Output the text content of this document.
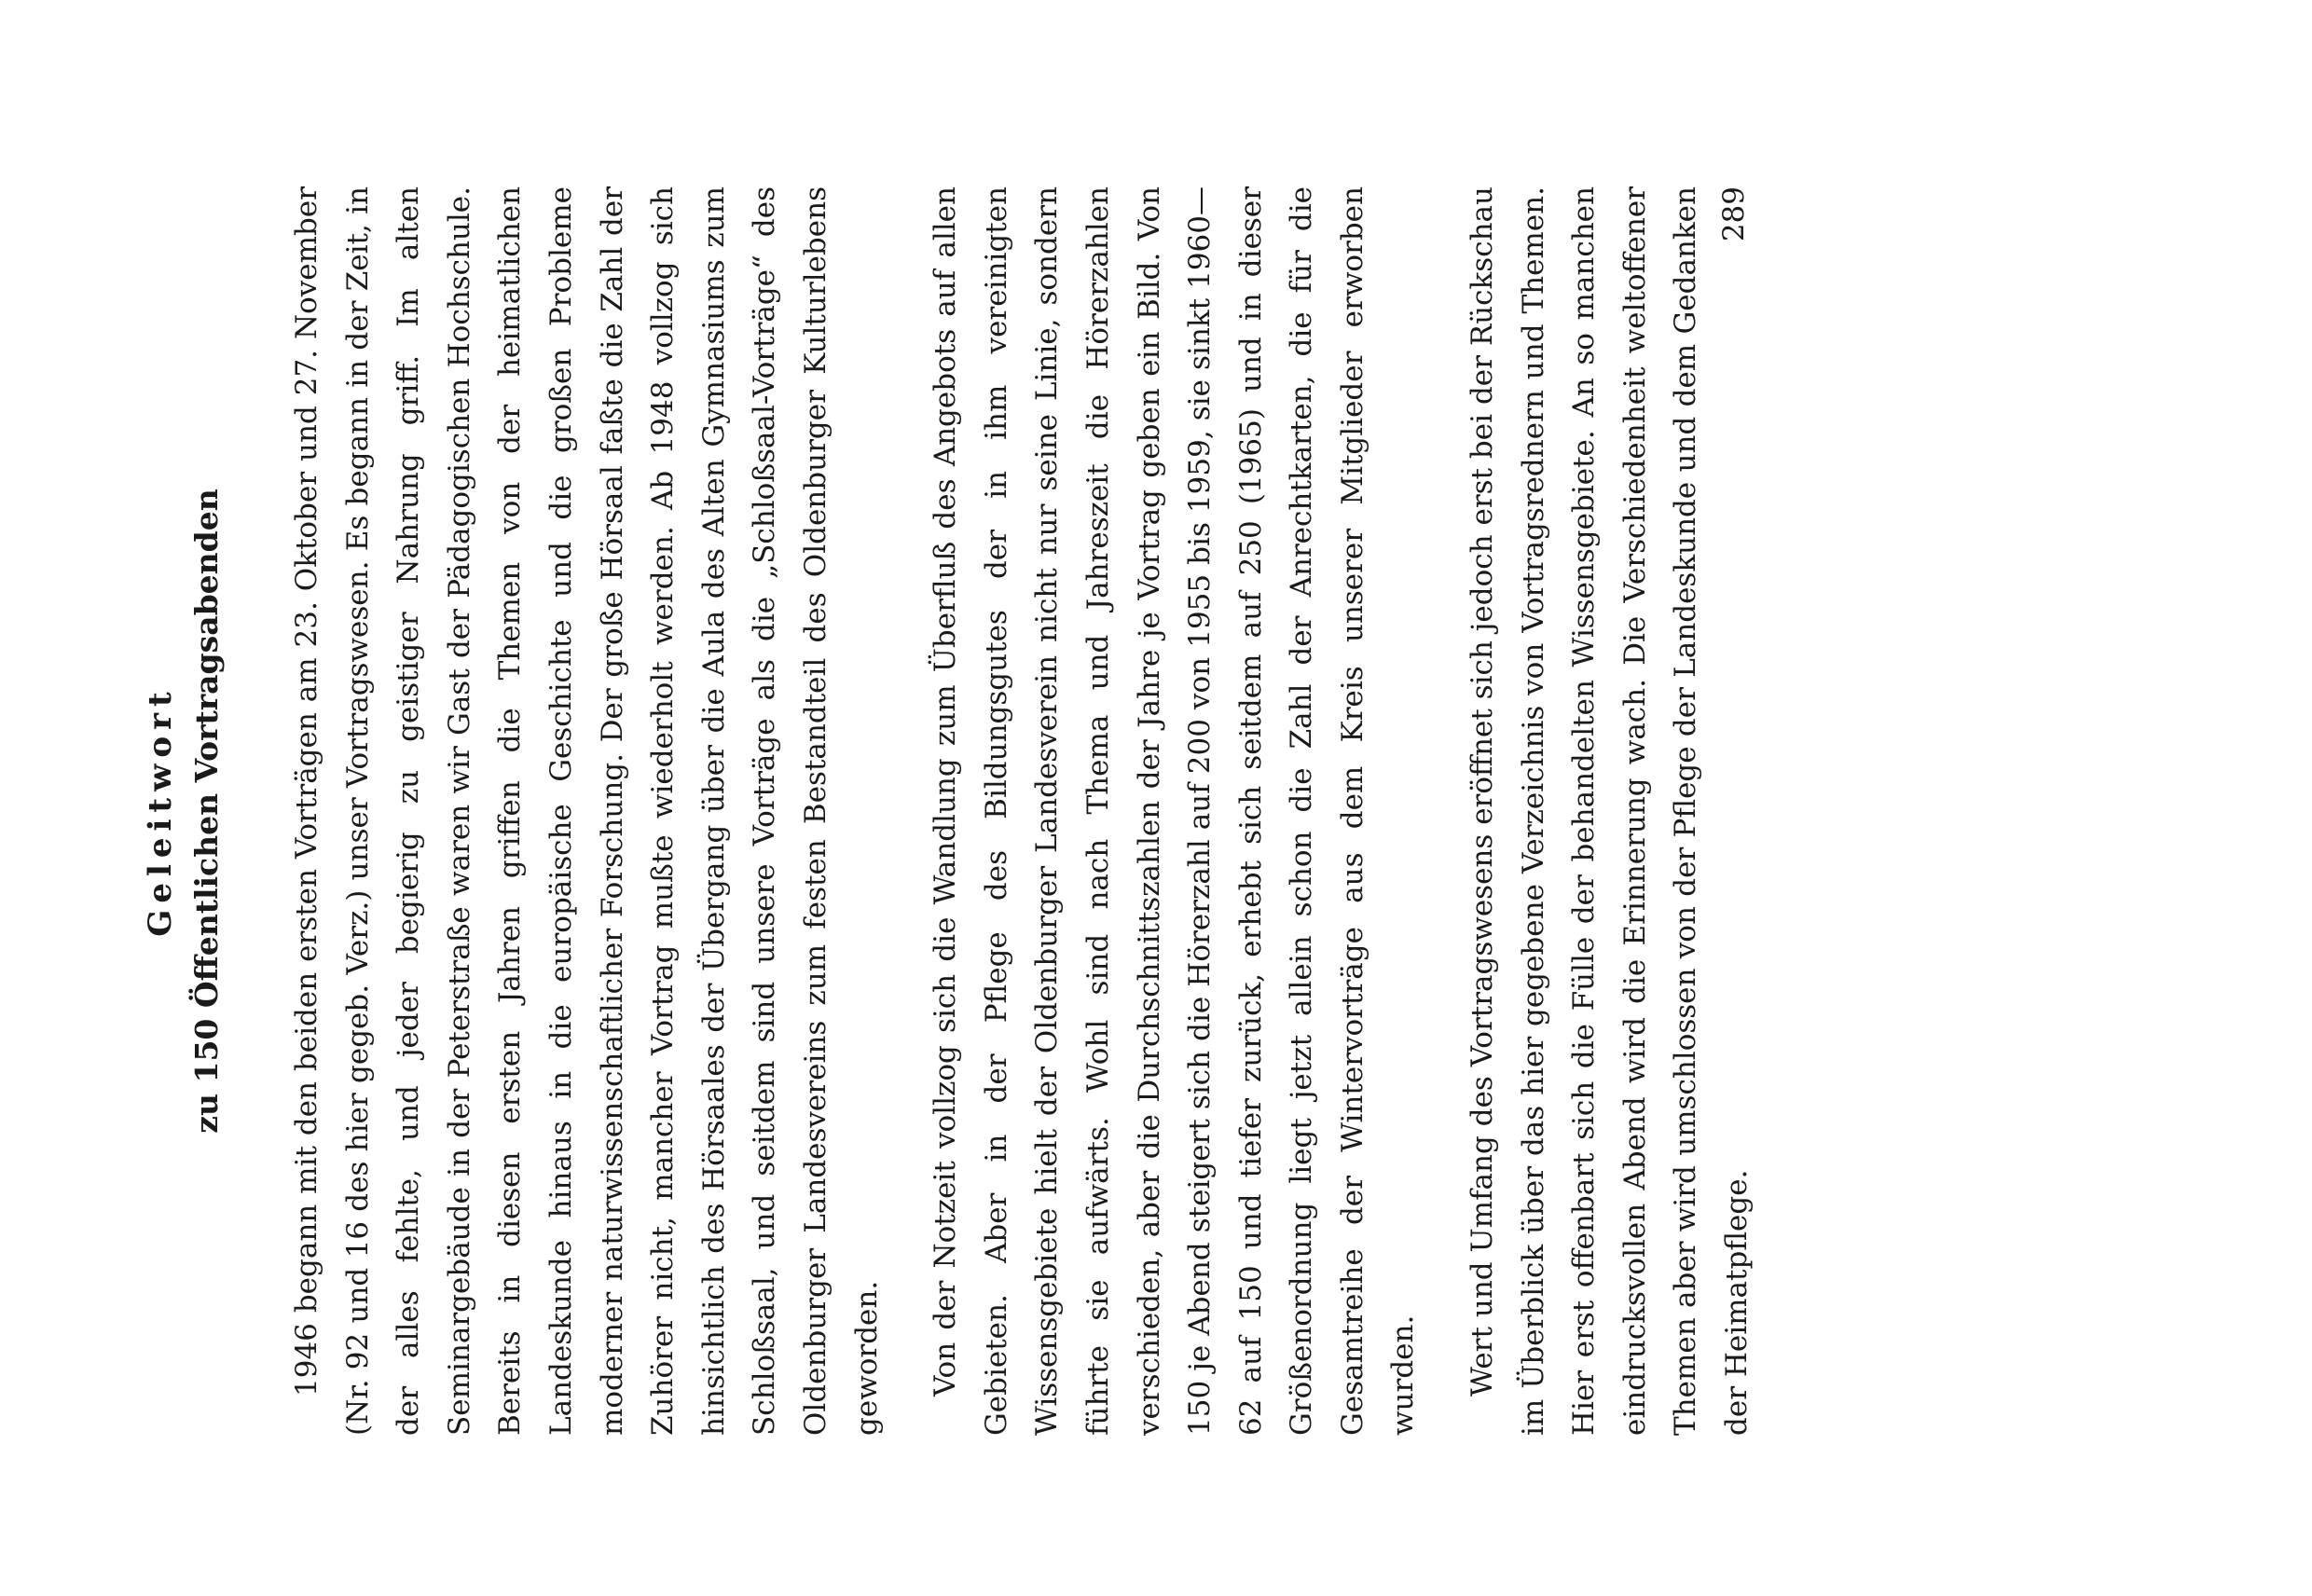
Geleitwort zu 150 Öffentlichen Vortragsabenden 1946 begann mit den beiden ersten Vorträgen am 23. Oktober und 27. November (Nr. 92 und 16 des hier gegeb. Verz.) unser Vortragswesen. Es begann in der Zeit, in der alles fehlte, und jeder begierig zu geistiger Nahrung griff. Im alten Seminargebäude in der Peterstraße waren wir Gast der Pädagogischen Hochschule. Bereits in diesen ersten Jahren griffen die Themen von der heimatlichen Landeskunde hinaus in die europäische Geschichte und die großen Probleme moderner naturwissenschaftlicher Forschung. Der große Hörsaal faßte die Zahl der Zuhörer nicht, mancher Vortrag mußte wiederholt werden. Ab 1948 vollzog sich hinsichtlich des Hörsaales der Übergang über die Aula des Alten Gymnasiums zum Schloßsaal, und seitdem sind unsere Vorträge als die „Schloßsaal-Vorträge“ des Oldenburger Landesvereins zum festen Bestandteil des Oldenburger Kulturlebens geworden.	Von der Notzeit vollzog sich die Wandlung zum Überfluß des Angebots auf allen Gebieten. Aber in der Pflege des Bildungsgutes der in ihm vereinigten Wissensgebiete hielt der Oldenburger Landesverein nicht nur seine Linie, sondern führte sie aufwärts. Wohl sind nach Thema und Jahreszeit die Hörerzahlen verschieden, aber die Durchschnittszahlen der Jahre je Vortrag geben ein Bild. Von 150 je Abend steigert sich die Hörerzahl auf 200 von 1955 bis 1959, sie sinkt 1960—62 auf 150 und tiefer zurück, erhebt sich seitdem auf 250 (1965) und in dieser Größenordnung liegt jetzt allein schon die Zahl der Anrechtkarten, die für die Gesamtreihe der Wintervorträge aus dem Kreis unserer Mitglieder erworben wurden.	Wert und Umfang des Vortragswesens eröffnet sich jedoch erst bei der Rückschau im Überblick über das hier gegebene Verzeichnis von Vortragsrednern und Themen. Hier erst offenbart sich die Fülle der behandelten Wissensgebiete. An so manchen eindrucksvollen Abend wird die Erinnerung wach. Die Verschiedenheit weltoffener Themen aber wird umschlossen von der Pflege der Landeskunde und dem Gedanken der Heimatpflege.

289
